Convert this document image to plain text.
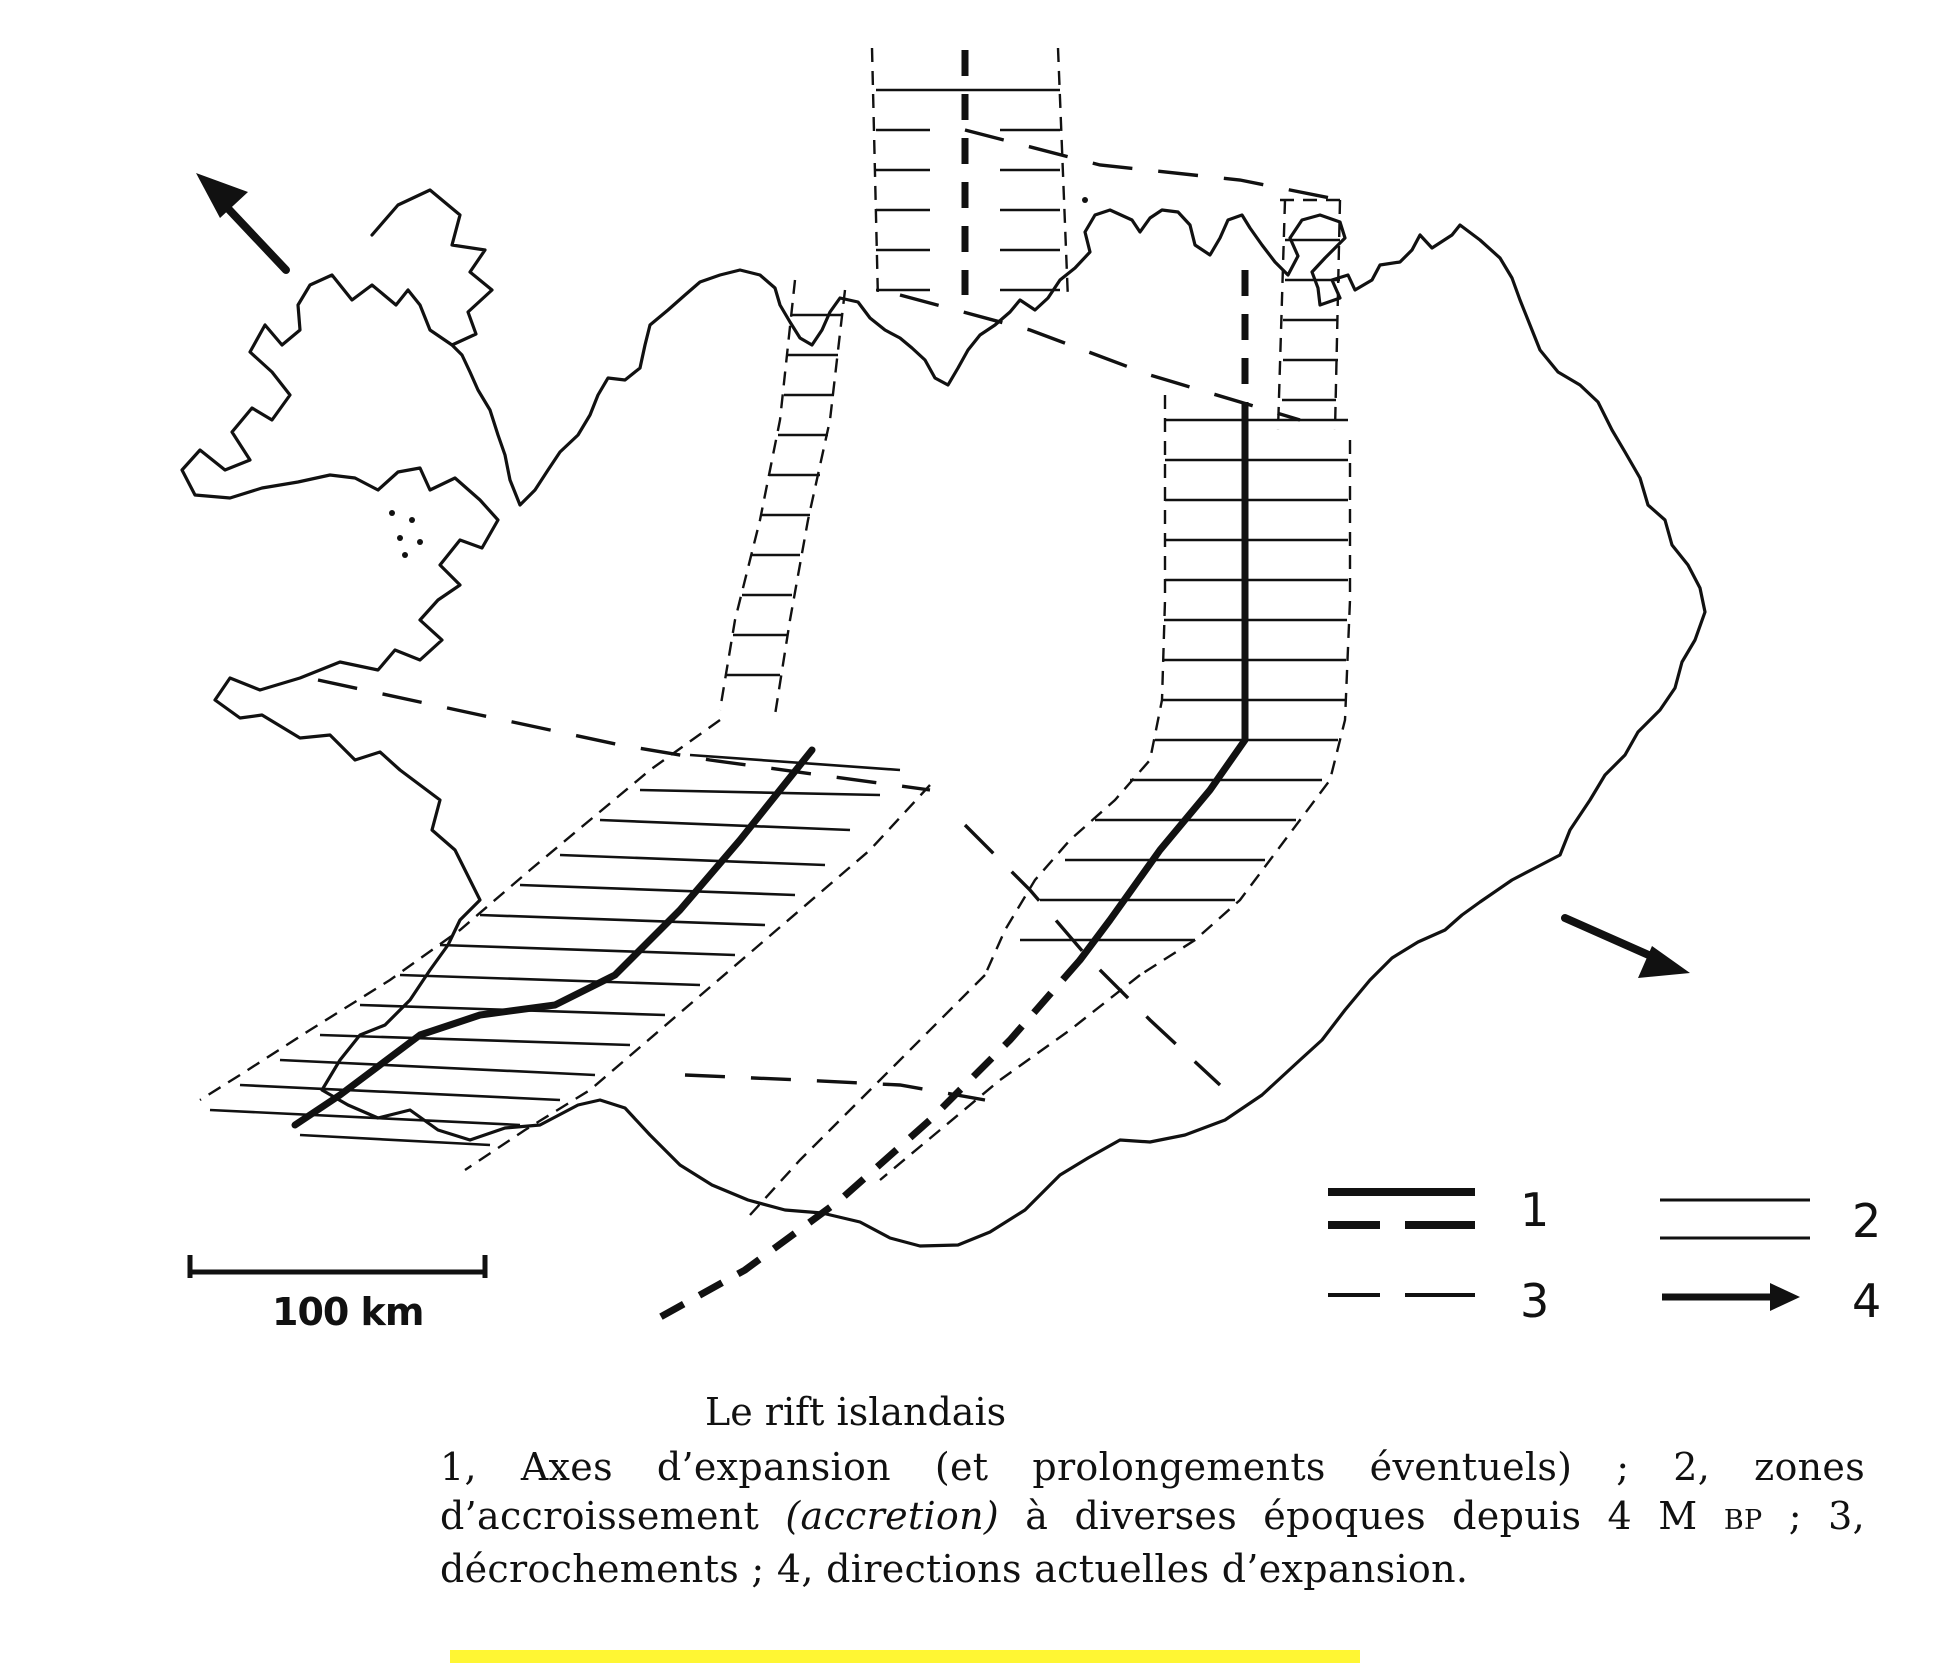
1	2
3	4
100 km
Le rift islandais
1, Axes d’expansion (et prolongements éventuels) ; 2, zones d’accroissement (accretion) à diverses époques depuis 4 M BP ; 3, décrochements ; 4, directions actuelles d’expansion.
